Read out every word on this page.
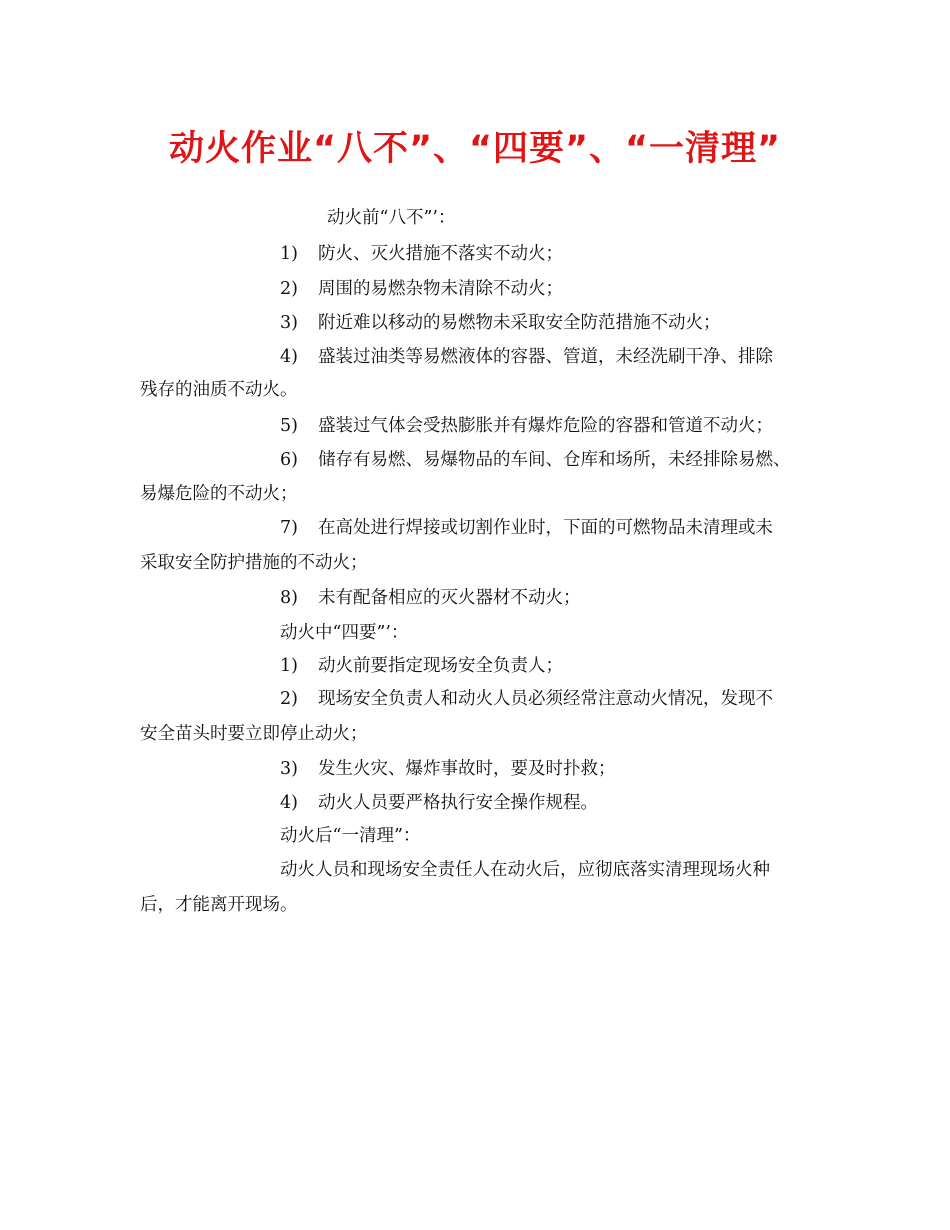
动火作业“八不”、“四要”、“一清理”
动火前“八不”’：
1) 防火、灭火措施不落实不动火；
2) 周围的易燃杂物未清除不动火；
3) 附近难以移动的易燃物未采取安全防范措施不动火；
4) 盛装过油类等易燃液体的容器、管道，未经洗刷干净、排除
残存的油质不动火。
5) 盛装过气体会受热膨胀并有爆炸危险的容器和管道不动火；
6) 储存有易燃、易爆物品的车间、仓库和场所，未经排除易燃、
易爆危险的不动火；
7) 在高处进行焊接或切割作业时，下面的可燃物品未清理或未
采取安全防护措施的不动火；
8) 未有配备相应的灭火器材不动火；
动火中“四要”’：
1) 动火前要指定现场安全负责人；
2) 现场安全负责人和动火人员必须经常注意动火情况，发现不
安全苗头时要立即停止动火；
3) 发生火灾、爆炸事故时，要及时扑救；
4) 动火人员要严格执行安全操作规程。
动火后“一清理”：
动火人员和现场安全责任人在动火后，应彻底落实清理现场火种
后，才能离开现场。
